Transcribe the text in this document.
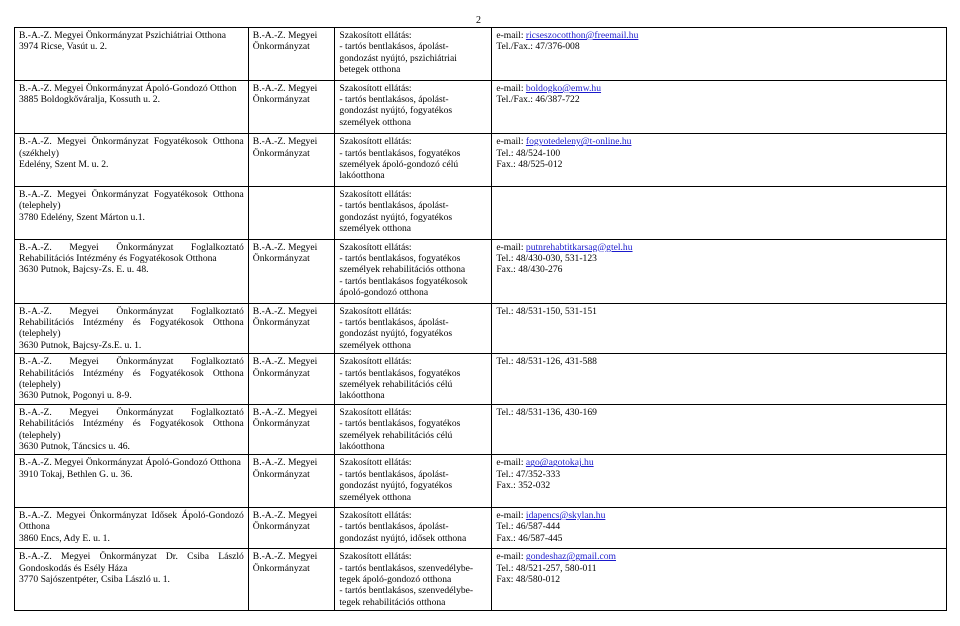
2
B.-A.-Z. Megyei Önkormányzat Pszichiátriai Otthona
3974 Ricse, Vasút u. 2.	B.-A.-Z. Megyei
Önkormányzat	Szakosított ellátás:
- tartós bentlakásos, ápolást-
gondozást nyújtó, pszichiátriai
betegek otthona	e-mail: ricseszocotthon@freemail.hu
Tel./Fax.: 47/376-008

B.-A.-Z. Megyei Önkormányzat Ápoló-Gondozó Otthon
3885 Boldogkőváralja, Kossuth u. 2.	B.-A.-Z. Megyei
Önkormányzat	Szakosított ellátás:
- tartós bentlakásos, ápolást-
gondozást nyújtó, fogyatékos
személyek otthona	e-mail: boldogko@emw.hu
Tel./Fax.: 46/387-722

B.-A.-Z. Megyei Önkormányzat Fogyatékosok Otthona (székhely)
Edelény, Szent M. u. 2.	B.-A.-Z. Megyei
Önkormányzat	Szakosított ellátás:
- tartós bentlakásos, fogyatékos
személyek ápoló-gondozó célú
lakóotthona	e-mail: fogyotedeleny@t-online.hu
Tel.: 48/524-100
Fax.: 48/525-012

B.-A.-Z. Megyei Önkormányzat Fogyatékosok Otthona (telephely)
3780 Edelény, Szent Márton u.1.		Szakosított ellátás:
- tartós bentlakásos, ápolást-
gondozást nyújtó, fogyatékos
személyek otthona	

B.-A.-Z. Megyei Önkormányzat Foglalkoztató Rehabilitációs Intézmény és Fogyatékosok Otthona
3630 Putnok, Bajcsy-Zs. E. u. 48.	B.-A.-Z. Megyei
Önkormányzat	Szakosított ellátás:
- tartós bentlakásos, fogyatékos
személyek rehabilitációs otthona
- tartós bentlakásos fogyatékosok
ápoló-gondozó otthona	e-mail: putnrehabtitkarsag@gtel.hu
Tel.: 48/430-030, 531-123
Fax.: 48/430-276

B.-A.-Z. Megyei Önkormányzat Foglalkoztató Rehabilitációs Intézmény és Fogyatékosok Otthona (telephely)
3630 Putnok, Bajcsy-Zs.E. u. 1.	B.-A.-Z. Megyei
Önkormányzat	Szakosított ellátás:
- tartós bentlakásos, ápolást-
gondozást nyújtó, fogyatékos
személyek otthona	Tel.: 48/531-150, 531-151

B.-A.-Z. Megyei Önkormányzat Foglalkoztató Rehabilitációs Intézmény és Fogyatékosok Otthona (telephely)
3630 Putnok, Pogonyi u. 8-9.	B.-A.-Z. Megyei
Önkormányzat	Szakosított ellátás:
- tartós bentlakásos, fogyatékos
személyek rehabilitációs célú
lakóotthona	Tel.: 48/531-126, 431-588

B.-A.-Z. Megyei Önkormányzat Foglalkoztató Rehabilitációs Intézmény és Fogyatékosok Otthona (telephely)
3630 Putnok, Táncsics u. 46.	B.-A.-Z. Megyei
Önkormányzat	Szakosított ellátás:
- tartós bentlakásos, fogyatékos
személyek rehabilitációs célú
lakóotthona	Tel.: 48/531-136, 430-169

B.-A.-Z. Megyei Önkormányzat Ápoló-Gondozó Otthona
3910 Tokaj, Bethlen G. u. 36.	B.-A.-Z. Megyei
Önkormányzat	Szakosított ellátás:
- tartós bentlakásos, ápolást-
gondozást nyújtó, fogyatékos
személyek otthona	e-mail: ago@agotokaj.hu
Tel.: 47/352-333
Fax.: 352-032

B.-A.-Z. Megyei Önkormányzat Idősek Ápoló-Gondozó Otthona
3860 Encs, Ady E. u. 1.	B.-A.-Z. Megyei
Önkormányzat	Szakosított ellátás:
- tartós bentlakásos, ápolást-
gondozást nyújtó, idősek otthona	e-mail: idapencs@skylan.hu
Tel.: 46/587-444
Fax.: 46/587-445

B.-A.-Z. Megyei Önkormányzat Dr. Csiba László Gondoskodás és Esély Háza
3770 Sajószentpéter, Csiba László u. 1.	B.-A.-Z. Megyei
Önkormányzat	Szakosított ellátás:
- tartós bentlakásos, szenvedélybe-
tegek ápoló-gondozó otthona
- tartós bentlakásos, szenvedélybe-
tegek rehabilitációs otthona	e-mail: gondeshaz@gmail.com
Tel.: 48/521-257, 580-011
Fax: 48/580-012
